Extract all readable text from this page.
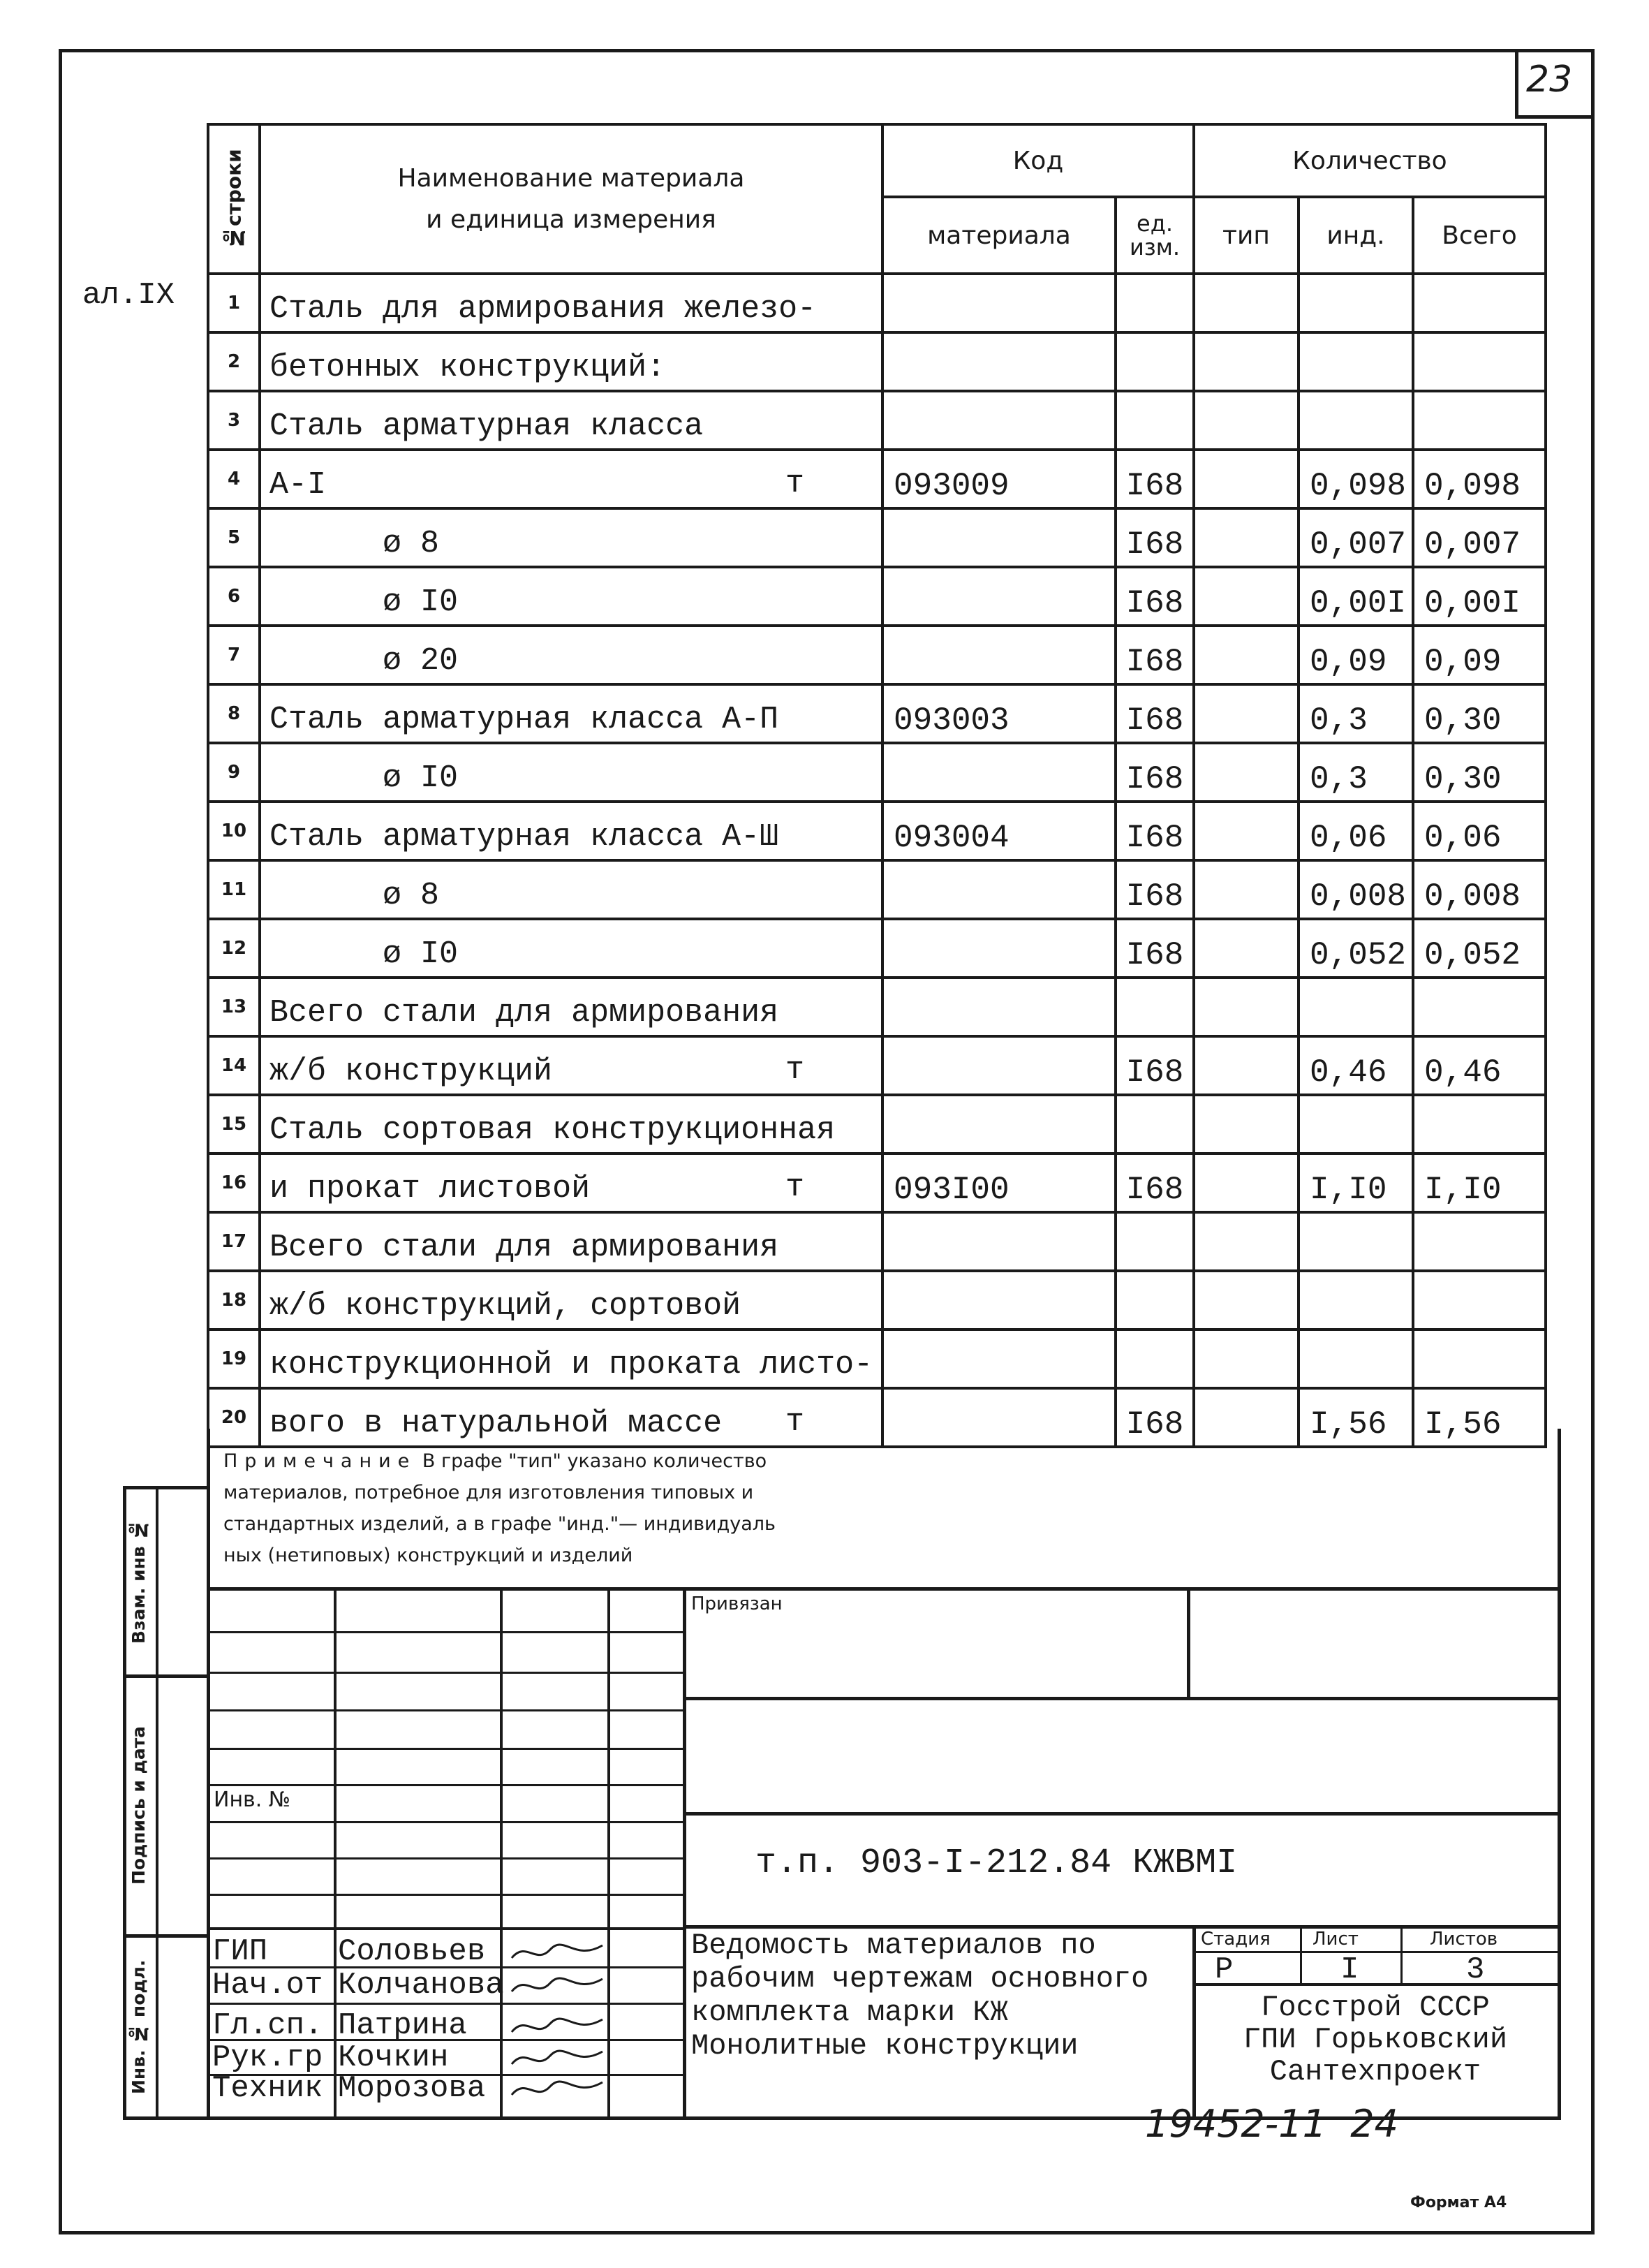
23
ал.IX
№строки	Наименование материала
и единица измерения	Код		Количество		
		материала	ед. изм.	тип	инд.	Всего
1	Сталь для армирования железо-					
2	бетонных конструкций:					
3	Сталь арматурная класса					
4	A-I т	093009	I68		0,098	0,098
5	ø 8		I68		0,007	0,007
6	ø I0		I68		0,00I	0,00I
7	ø 20		I68		0,09	0,09
8	Сталь арматурная класса A-П	093003	I68		0,3	0,30
9	ø I0		I68		0,3	0,30
10	Сталь арматурная класса A-Ш	093004	I68		0,06	0,06
11	ø 8		I68		0,008	0,008
12	ø I0		I68		0,052	0,052
13	Всего стали для армирования					
14	ж/б конструкций т		I68		0,46	0,46
15	Сталь сортовая конструкционная					
16	и прокат листовой т	093I00	I68		I,I0	I,I0
17	Всего стали для армирования					
18	ж/б конструкций, сортовой					
19	конструкционной и проката листо-					
20	вого в натуральной массе т		I68		I,56	I,56
Примечание В графе "тип" указано количество
материалов, потребное для изготовления типовых и
стандартных изделий, а в графе "инд."— индивидуаль
ных (нетиповых) конструкций и изделий
Взам. инв №
Подпись и дата
Инв. № подл.
Привязан
Инв. №
т.п. 903-I-212.84 КЖВМI
ГИП Соловьев
Нач.от Колчанова
Гл.сп. Патрина
Рук.гр Кочкин
Техник Морозова
Ведомость материалов по
рабочим чертежам основного
комплекта марки КЖ
Монолитные конструкции
Стадия Лист	Листов
Р	I	3
Госстрой СССР
ГПИ Горьковский
Сантехпроект
19452-11  24
Формат А4
